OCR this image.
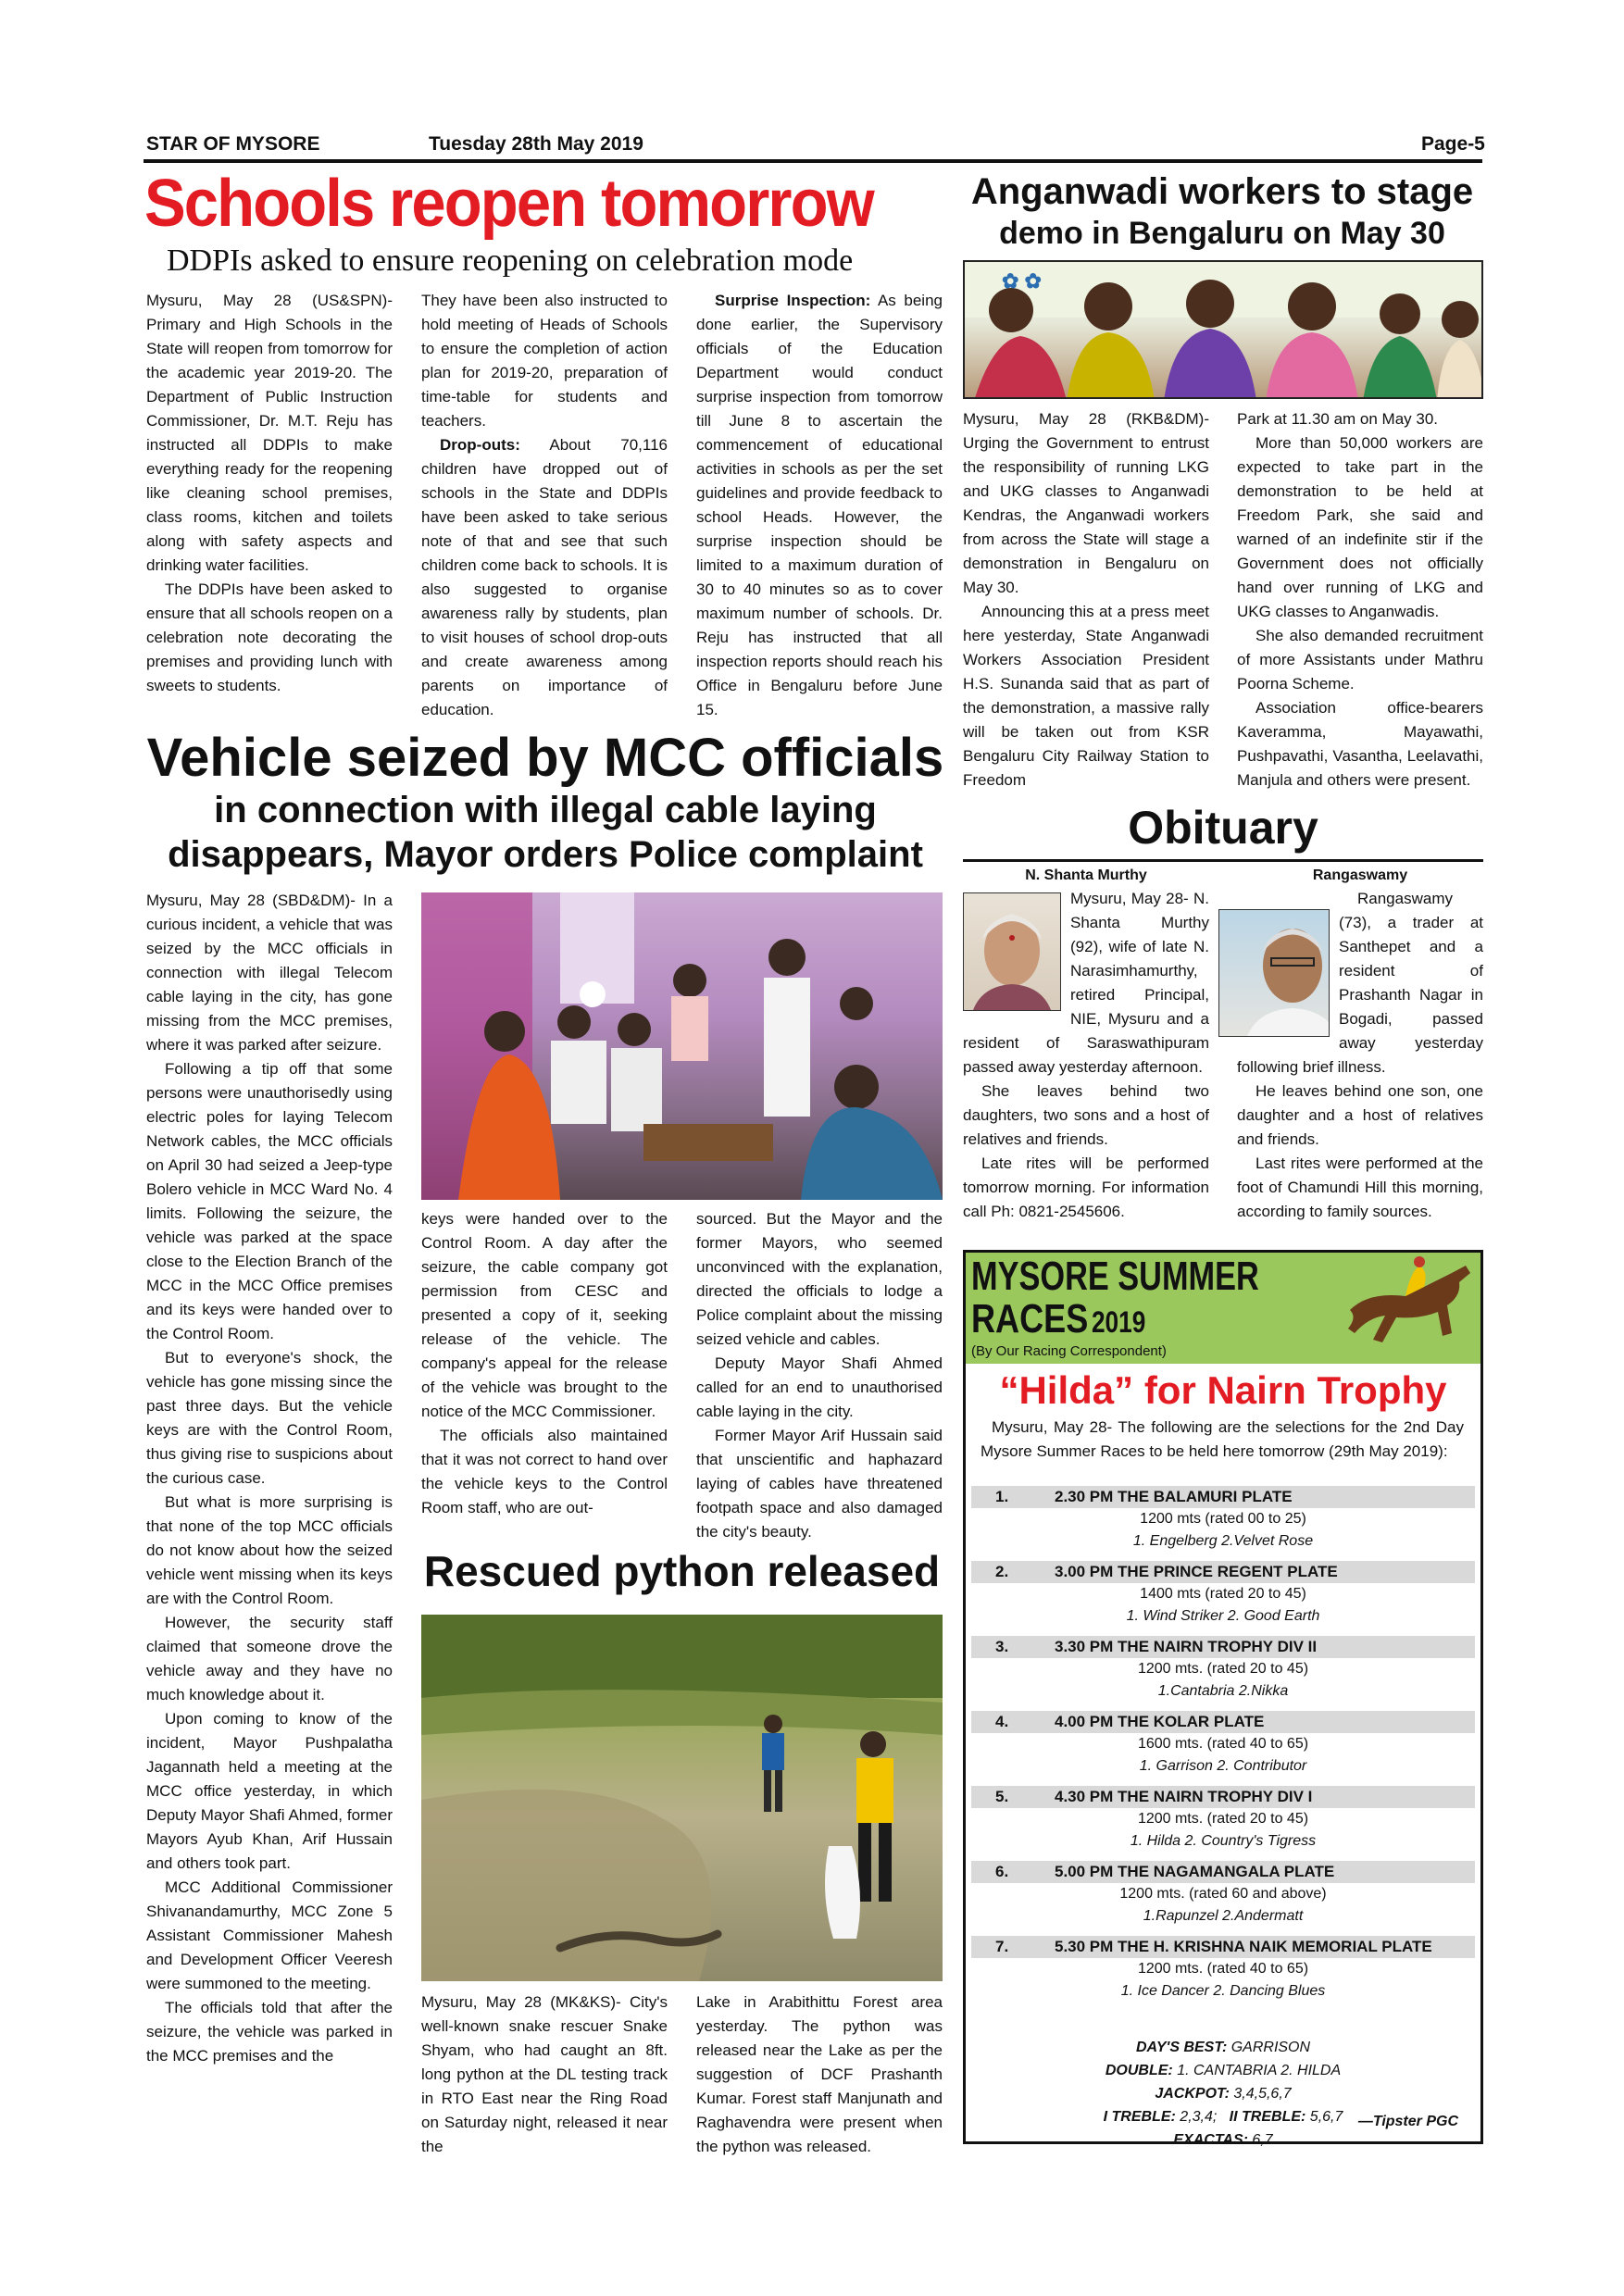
STAR OF MYSORE	Tuesday 28th May 2019	Page-5
Schools reopen tomorrow
DDPIs asked to ensure reopening on celebration mode

Mysuru, May 28 (US&SPN)- Primary and High Schools in the State will reopen from tomorrow for the academic year 2019-20. The Department of Public Instruction Commissioner, Dr. M.T. Reju has instructed all DDPIs to make everything ready for the reopening like cleaning school premises, class rooms, kitchen and toilets along with safety aspects and drinking water facilities.

The DDPIs have been asked to ensure that all schools reopen on a celebration note decorating the premises and providing lunch with sweets to students.

They have been also instructed to hold meeting of Heads of Schools to ensure the completion of action plan for 2019-20, preparation of time-table for students and teachers.

Drop-outs: About 70,116 children have dropped out of schools in the State and DDPIs have been asked to take serious note of that and see that such children come back to schools. It is also suggested to organise awareness rally by students, plan to visit houses of school drop-outs and create awareness among parents on importance of education.

Surprise Inspection: As being done earlier, the Supervisory officials of the Education Department would conduct surprise inspection from tomorrow till June 8 to ascertain the commencement of educational activities in schools as per the set guidelines and provide feedback to school Heads. However, the surprise inspection should be limited to a maximum duration of 30 to 40 minutes so as to cover maximum number of schools. Dr. Reju has instructed that all inspection reports should reach his Office in Bengaluru before June 15.

Anganwadi workers to stage
demo in Bengaluru on May 30
✿ ✿

Mysuru, May 28 (RKB&DM)- Urging the Government to entrust the responsibility of running LKG and UKG classes to Anganwadi Kendras, the Anganwadi workers from across the State will stage a demonstration in Bengaluru on May 30.

Announcing this at a press meet here yesterday, State Anganwadi Workers Association President H.S. Sunanda said that as part of the demonstration, a massive rally will be taken out from KSR Bengaluru City Railway Station to Freedom

Park at 11.30 am on May 30.

More than 50,000 workers are expected to take part in the demonstration to be held at Freedom Park, she said and warned of an indefinite stir if the Government does not officially hand over running of LKG and UKG classes to Anganwadis.

She also demanded recruitment of more Assistants under Mathru Poorna Scheme.

Association office-bearers Kaveramma, Mayawathi, Pushpavathi, Vasantha, Leelavathi, Manjula and others were present.

Vehicle seized by MCC officials
in connection with illegal cable laying
disappears, Mayor orders Police complaint

Mysuru, May 28 (SBD&DM)- In a curious incident, a vehicle that was seized by the MCC officials in connection with illegal Telecom cable laying in the city, has gone missing from the MCC premises, where it was parked after seizure.

Following a tip off that some persons were unauthorisedly using electric poles for laying Telecom Network cables, the MCC officials on April 30 had seized a Jeep-type Bolero vehicle in MCC Ward No. 4 limits. Following the seizure, the vehicle was parked at the space close to the Election Branch of the MCC in the MCC Office premises and its keys were handed over to the Control Room.

But to everyone's shock, the vehicle has gone missing since the past three days. But the vehicle keys are with the Control Room, thus giving rise to suspicions about the curious case.

But what is more surprising is that none of the top MCC officials do not know about how the seized vehicle went missing when its keys are with the Control Room.

However, the security staff claimed that someone drove the vehicle away and they have no much knowledge about it.

Upon coming to know of the incident, Mayor Pushpalatha Jagannath held a meeting at the MCC office yesterday, in which Deputy Mayor Shafi Ahmed, former Mayors Ayub Khan, Arif Hussain and others took part.

MCC Additional Commissioner Shivanandamurthy, MCC Zone 5 Assistant Commissioner Mahesh and Development Officer Veeresh were summoned to the meeting.

The officials told that after the seizure, the vehicle was parked in the MCC premises and the

keys were handed over to the Control Room. A day after the seizure, the cable company got permission from CESC and presented a copy of it, seeking release of the vehicle. The company's appeal for the release of the vehicle was brought to the notice of the MCC Commissioner.

The officials also maintained that it was not correct to hand over the vehicle keys to the Control Room staff, who are out-

sourced. But the Mayor and the former Mayors, who seemed unconvinced with the explanation, directed the officials to lodge a Police complaint about the missing seized vehicle and cables.

Deputy Mayor Shafi Ahmed called for an end to unauthorised cable laying in the city.

Former Mayor Arif Hussain said that unscientific and haphazard laying of cables have threatened footpath space and also damaged the city's beauty.

Rescued python released

Mysuru, May 28 (MK&KS)- City's well-known snake rescuer Snake Shyam, who had caught an 8ft. long python at the DL testing track in RTO East near the Ring Road on Saturday night, released it near the

Lake in Arabithittu Forest area yesterday. The python was released near the Lake as per the suggestion of DCF Prashanth Kumar. Forest staff Manjunath and Raghavendra were present when the python was released.

Obituary
N. Shanta Murthy	Rangaswamy

Mysuru, May 28- N. Shanta Murthy (92), wife of late N. Narasimhamurthy, retired Principal, NIE, Mysuru and a resident of Saraswathipuram passed away yesterday afternoon.

She leaves behind two daughters, two sons and a host of relatives and friends.

Late rites will be performed tomorrow morning. For information call Ph: 0821-2545606.

Rangaswamy (73), a trader at Santhepet and a resident of Prashanth Nagar in Bogadi, passed away yesterday following brief illness.

He leaves behind one son, one daughter and a host of relatives and friends.

Last rites were performed at the foot of Chamundi Hill this morning, according to family sources.

MYSORE SUMMER
RACES 2019
(By Our Racing Correspondent)
“Hilda” for Nairn Trophy
Mysuru, May 28- The following are the selections for the 2nd Day Mysore Summer Races to be held here tomorrow (29th May 2019):
1.	2.30 PM THE BALAMURI PLATE
1200 mts (rated 00 to 25)
1. Engelberg 2.Velvet Rose
2.	3.00 PM THE PRINCE REGENT PLATE
1400 mts (rated 20 to 45)
1. Wind Striker 2. Good Earth
3.	3.30 PM THE NAIRN TROPHY DIV II
1200 mts. (rated 20 to 45)
1.Cantabria 2.Nikka
4.	4.00 PM THE KOLAR PLATE
1600 mts. (rated 40 to 65)
1. Garrison 2. Contributor
5.	4.30 PM THE NAIRN TROPHY DIV I
1200 mts. (rated 20 to 45)
1. Hilda 2. Country's Tigress
6.	5.00 PM THE NAGAMANGALA PLATE
1200 mts. (rated 60 and above)
1.Rapunzel 2.Andermatt
7.	5.30 PM THE H. KRISHNA NAIK MEMORIAL PLATE
1200 mts. (rated 40 to 65)
1. Ice Dancer 2. Dancing Blues
DAY'S BEST: GARRISON
DOUBLE: 1. CANTABRIA 2. HILDA
JACKPOT: 3,4,5,6,7
I TREBLE: 2,3,4; II TREBLE: 5,6,7
EXACTAS: 6,7
—Tipster PGC
